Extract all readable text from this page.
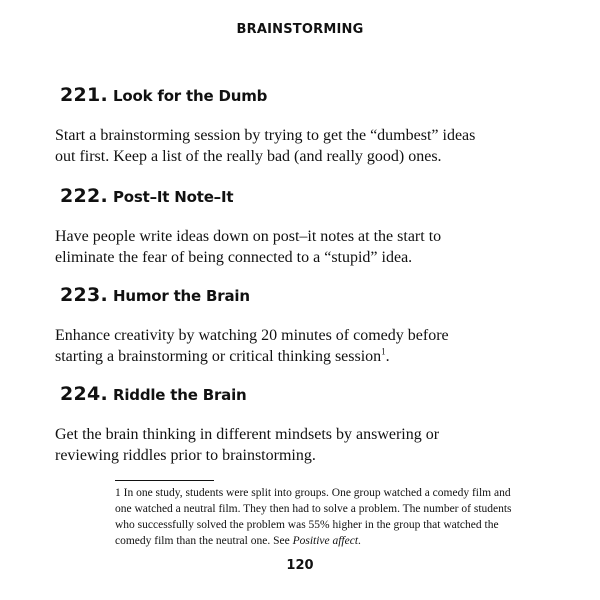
BRAINSTORMING
221. Look for the Dumb
Start a brainstorming session by trying to get the “dumbest” ideas
out first. Keep a list of the really bad (and really good) ones.
222. Post–It Note–It
Have people write ideas down on post–it notes at the start to
eliminate the fear of being connected to a “stupid” idea.
223. Humor the Brain
Enhance creativity by watching 20 minutes of comedy before
starting a brainstorming or critical thinking session$^1$.
224. Riddle the Brain
Get the brain thinking in different mindsets by answering or
reviewing riddles prior to brainstorming.
1 In one study, students were split into groups. One group watched a comedy film and
one watched a neutral film. They then had to solve a problem. The number of students
who successfully solved the problem was 55% higher in the group that watched the
comedy film than the neutral one. See Positive affect.
120
